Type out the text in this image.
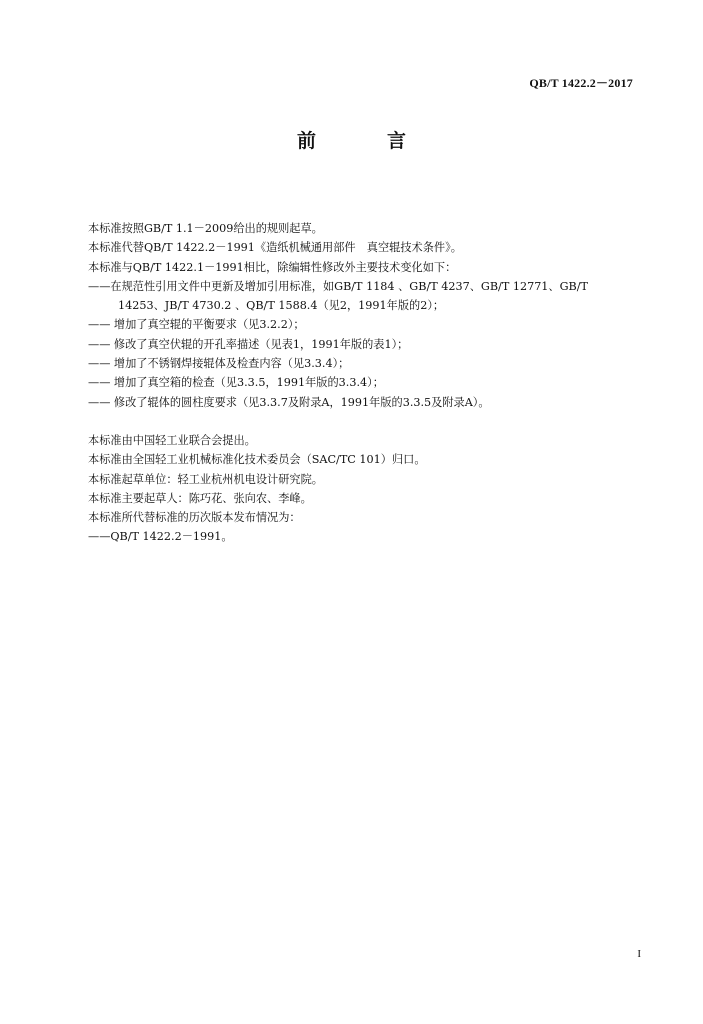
QB/T 1422.2－2017
前　言
本标准按照GB/T 1.1－2009给出的规则起草。
本标准代替QB/T 1422.2－1991《造纸机械通用部件　真空辊技术条件》。
本标准与QB/T 1422.1－1991相比，除编辑性修改外主要技术变化如下：
——在规范性引用文件中更新及增加引用标准，如GB/T 1184 、GB/T 4237、GB/T 12771、GB/T
14253、JB/T 4730.2 、QB/T 1588.4（见2，1991年版的2）；
—— 增加了真空辊的平衡要求（见3.2.2）；
—— 修改了真空伏辊的开孔率描述（见表1，1991年版的表1）；
—— 增加了不锈钢焊接辊体及检查内容（见3.3.4）；
—— 增加了真空箱的检查（见3.3.5，1991年版的3.3.4）；
—— 修改了辊体的圆柱度要求（见3.3.7及附录A，1991年版的3.3.5及附录A）。
本标准由中国轻工业联合会提出。
本标准由全国轻工业机械标准化技术委员会（SAC/TC 101）归口。
本标准起草单位：轻工业杭州机电设计研究院。
本标准主要起草人：陈巧花、张向农、李峰。
本标准所代替标准的历次版本发布情况为：
——QB/T 1422.2－1991。
I
